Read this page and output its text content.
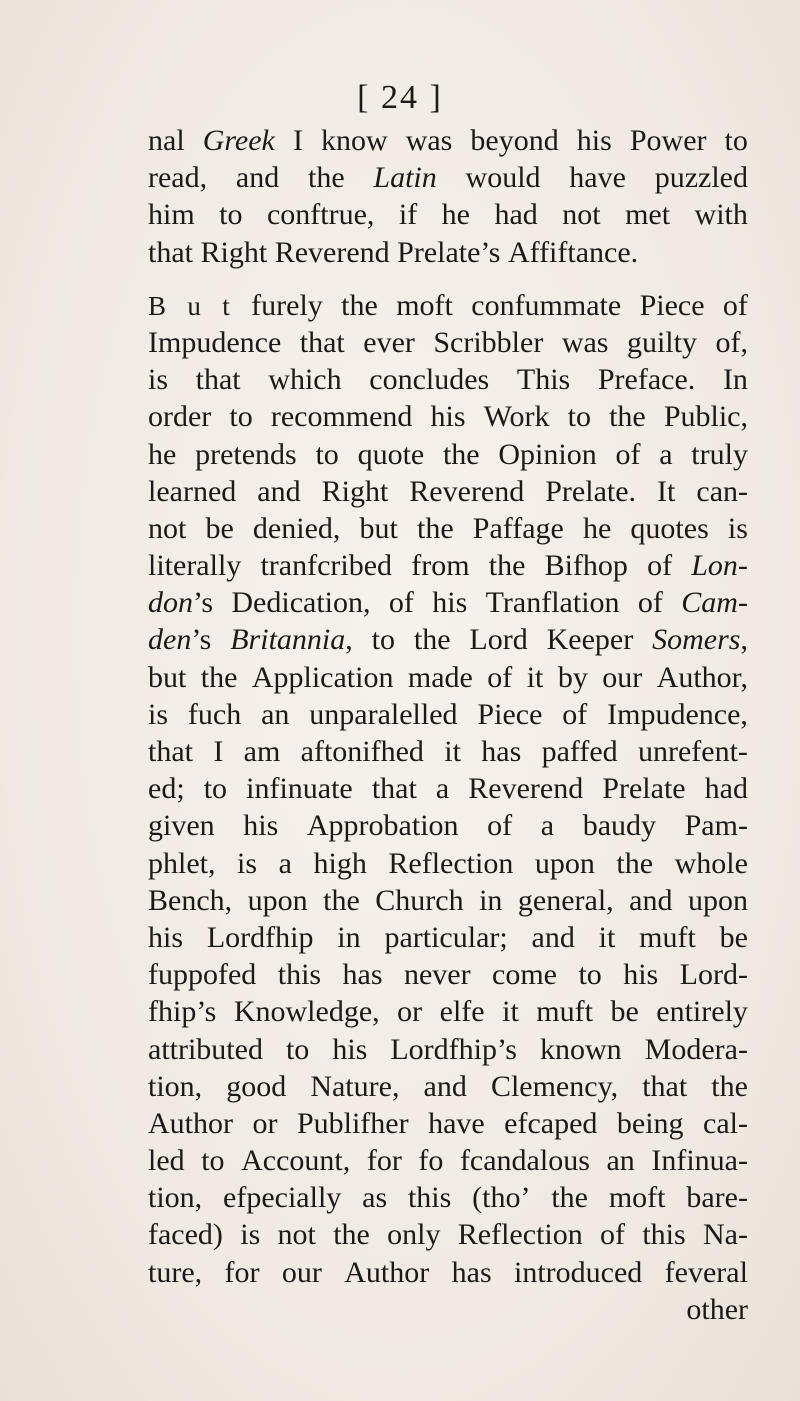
[ 24 ]
nal Greek I know was beyond his Power to
read, and the Latin would have puzzled
him to conftrue, if he had not met with
that
Right
Reverend
Prelate’s
Affiftance.
B u t furely the moft confummate Piece of
Impudence that ever Scribbler was guilty of,
is that which concludes This Preface. In
order to recommend his Work to the Public,
he pretends to quote the Opinion of a truly
learned and Right Reverend Prelate. It can-
not be denied, but the Paffage he quotes is
literally tranfcribed from the Bifhop of Lon-
don’s Dedication, of his Tranflation of Cam-
den’s Britannia, to the Lord Keeper Somers,
but the Application made of it by our Author,
is fuch an unparalelled Piece of Impudence,
that I am aftonifhed it has paffed unrefent-
ed; to infinuate that a Reverend Prelate had
given his Approbation of a baudy Pam-
phlet, is a high Reflection upon the whole
Bench, upon the Church in general, and upon
his Lordfhip in particular; and it muft be
fuppofed this has never come to his Lord-
fhip’s Knowledge, or elfe it muft be entirely
attributed to his Lordfhip’s known Modera-
tion, good Nature, and Clemency, that the
Author or Publifher have efcaped being cal-
led to Account, for fo fcandalous an Infinua-
tion, efpecially as this (tho’ the moft bare-
faced) is not the only Reflection of this Na-
ture, for our Author has introduced feveral
other
